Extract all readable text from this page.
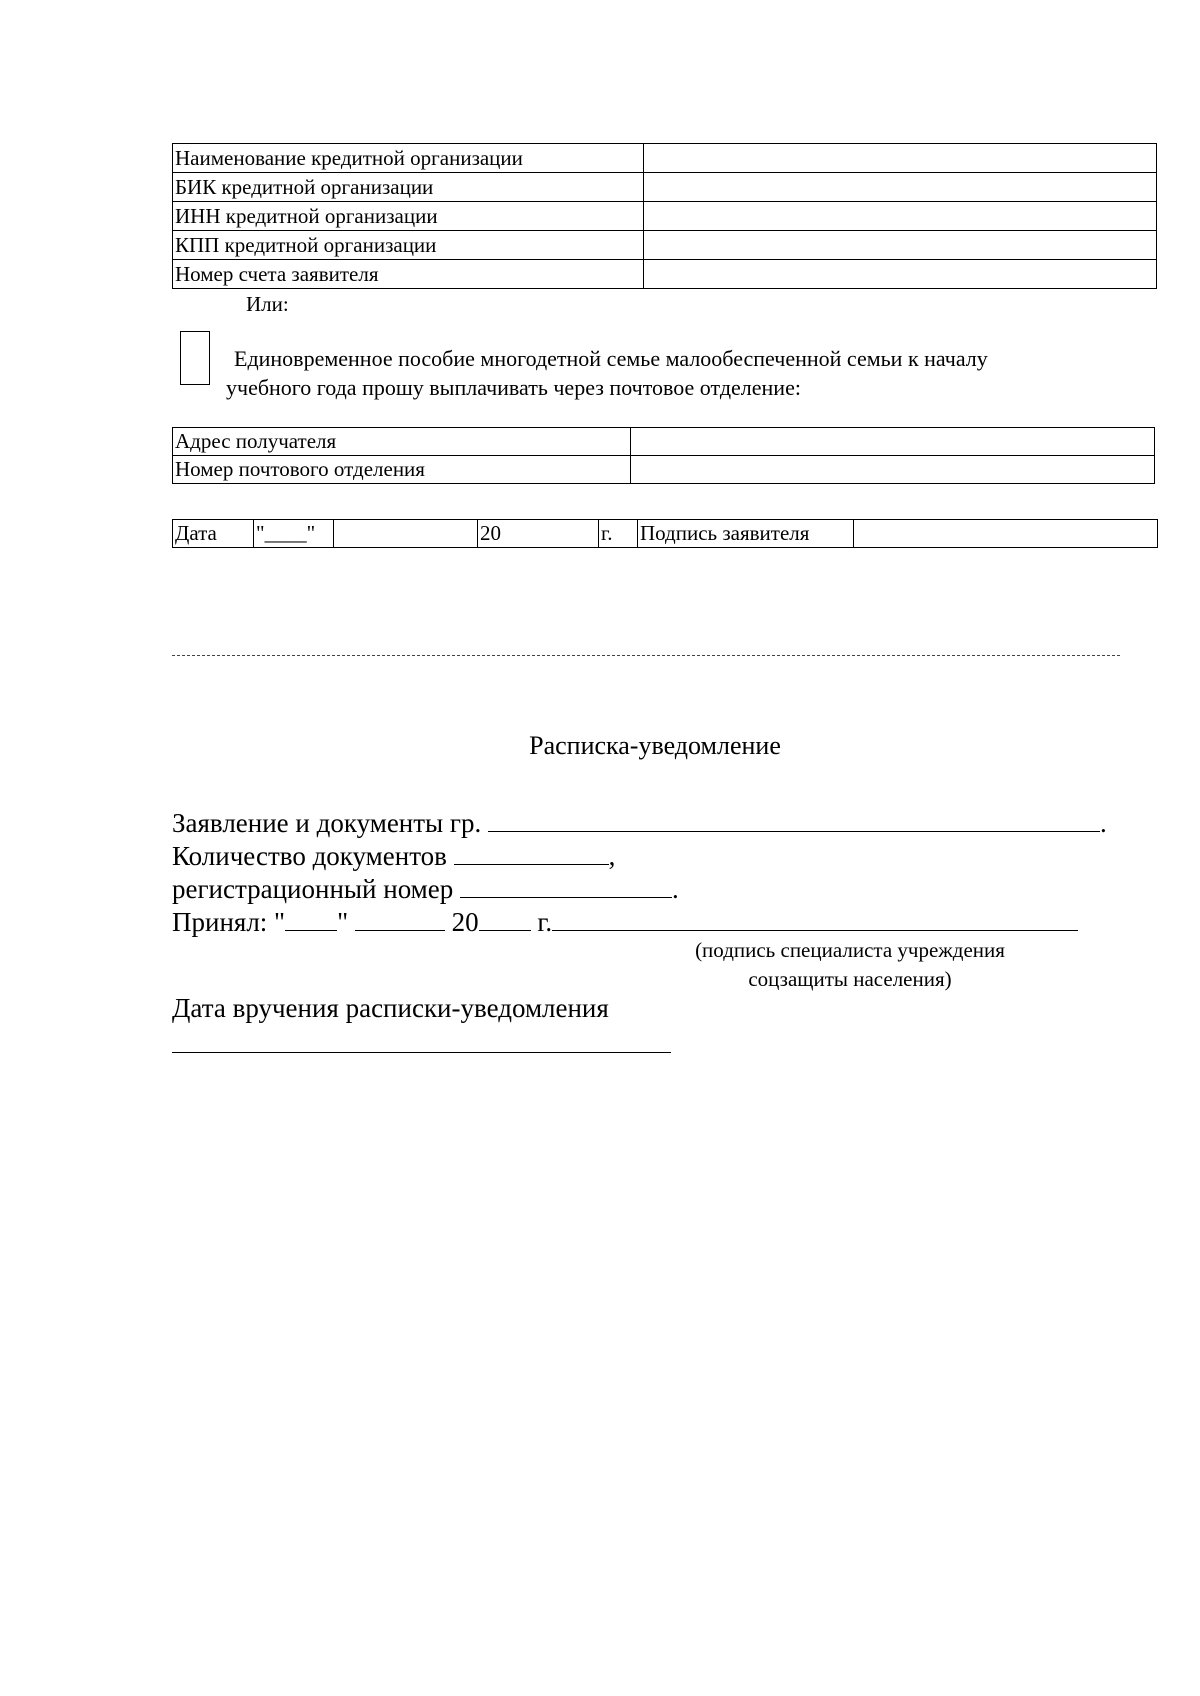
Наименование кредитной организации	
БИК кредитной организации	
ИНН кредитной организации	
КПП кредитной организации	
Номер счета заявителя	
Или:
Единовременное пособие многодетной семье малообеспеченной семьи к началу
учебного года прошу выплачивать через почтовое отделение:
Адрес получателя	
Номер почтового отделения	
Дата	"____"		20	г.	Подпись заявителя	
Расписка-уведомление
Заявление и документы гр.	.
Количество документов	,
регистрационный номер	.
Принял: " "	20 г.
(подпись специалиста учреждения
соцзащиты населения)
Дата вручения расписки-уведомления
